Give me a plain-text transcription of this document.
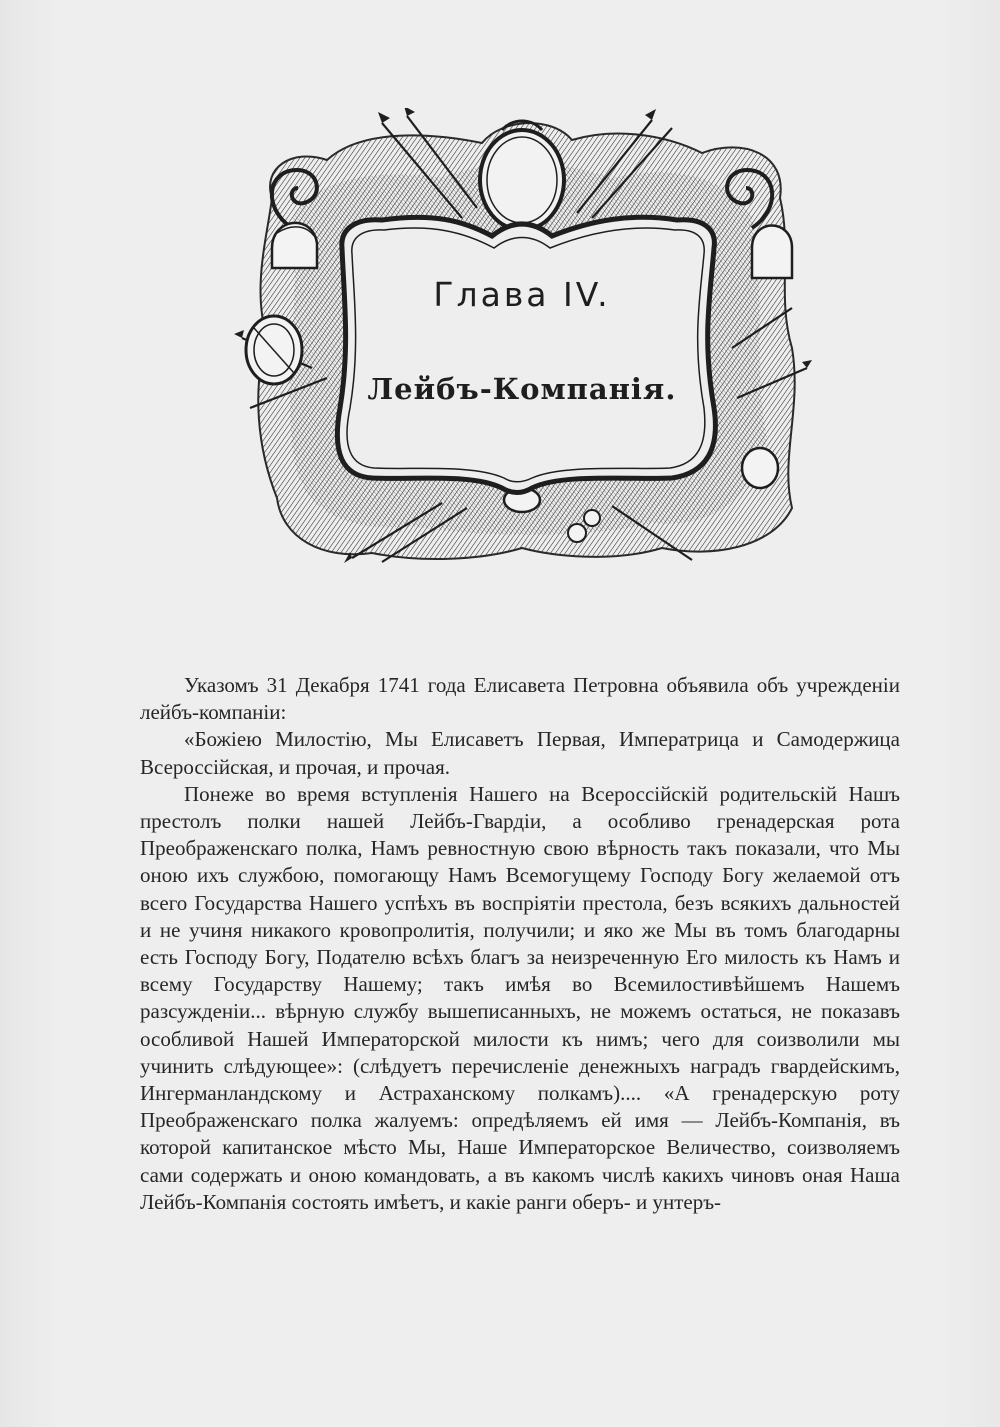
Глава IV.
Лейбъ-Компанія.

Указомъ 31 Декабря 1741 года Елисавета Петровна объявила объ учрежденіи лейбъ-компаніи:

«Божіею Милостію, Мы Елисаветъ Первая, Императрица и Самодержица Всероссійская, и прочая, и прочая.

Понеже во время вступленія Нашего на Всероссійскій родительскій Нашъ престолъ полки нашей Лейбъ-Гвардіи, а особливо гренадерская рота Преображенскаго полка, Намъ ревностную свою вѣрность такъ показали, что Мы оною ихъ службою, помогающу Намъ Всемогущему Господу Богу желаемой отъ всего Государства Нашего успѣхъ въ воспріятіи престола, безъ всякихъ дальностей и не учиня никакого кровопролитія, получили; и яко же Мы въ томъ благодарны есть Господу Богу, Подателю всѣхъ благъ за неизреченную Его милость къ Намъ и всему Государству Нашему; такъ имѣя во Всемилостивѣйшемъ Нашемъ разсужденіи... вѣрную службу вышеписанныхъ, не можемъ остаться, не показавъ особливой Нашей Императорской милости къ нимъ; чего для соизволили мы учинить слѣдующее»: (слѣдуетъ перечисленіе денежныхъ наградъ гвардейскимъ, Ингерманландскому и Астраханскому полкамъ).... «А гренадерскую роту Преображенскаго полка жалуемъ: опредѣляемъ ей имя — Лейбъ-Компанія, въ которой капитанское мѣсто Мы, Наше Императорское Величество, соизволяемъ сами содержать и оною командовать, а въ какомъ числѣ какихъ чиновъ оная Наша Лейбъ-Компанія состоять имѣетъ, и какіе ранги оберъ- и унтеръ-
